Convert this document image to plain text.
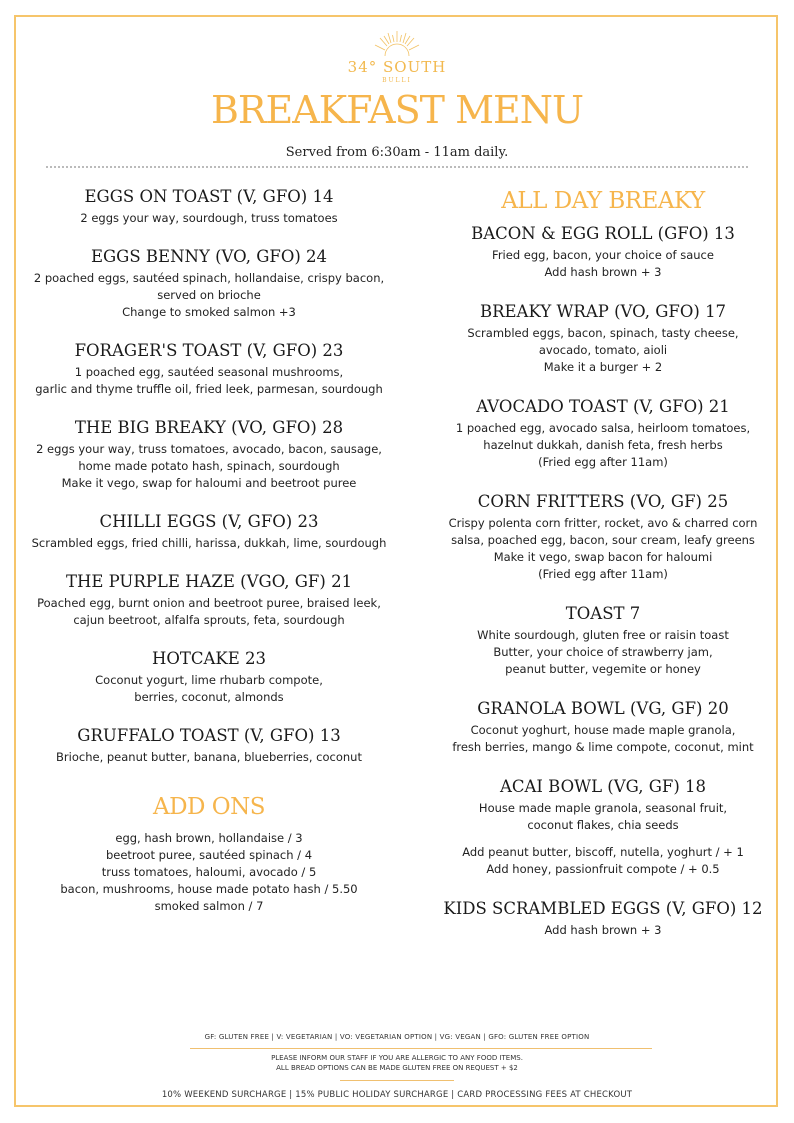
34° SOUTH
BULLI
BREAKFAST MENU
Served from 6:30am - 11am daily.
EGGS ON TOAST (V, GFO) 14
2 eggs your way, sourdough, truss tomatoes
EGGS BENNY (VO, GFO) 24
2 poached eggs, sautéed spinach, hollandaise, crispy bacon,
served on brioche
Change to smoked salmon +3
FORAGER'S TOAST (V, GFO) 23
1 poached egg, sautéed seasonal mushrooms,
garlic and thyme truffle oil, fried leek, parmesan, sourdough
THE BIG BREAKY (VO, GFO) 28
2 eggs your way, truss tomatoes, avocado, bacon, sausage,
home made potato hash, spinach, sourdough
Make it vego, swap for haloumi and beetroot puree
CHILLI EGGS (V, GFO) 23
Scrambled eggs, fried chilli, harissa, dukkah, lime, sourdough
THE PURPLE HAZE (VGO, GF) 21
Poached egg, burnt onion and beetroot puree, braised leek,
cajun beetroot, alfalfa sprouts, feta, sourdough
HOTCAKE 23
Coconut yogurt, lime rhubarb compote,
berries, coconut, almonds
GRUFFALO TOAST (V, GFO) 13
Brioche, peanut butter, banana, blueberries, coconut
ADD ONS
egg, hash brown, hollandaise / 3
beetroot puree, sautéed spinach / 4
truss tomatoes, haloumi, avocado / 5
bacon, mushrooms, house made potato hash / 5.50
smoked salmon / 7
ALL DAY BREAKY
BACON & EGG ROLL (GFO) 13
Fried egg, bacon, your choice of sauce
Add hash brown + 3
BREAKY WRAP (VO, GFO) 17
Scrambled eggs, bacon, spinach, tasty cheese,
avocado, tomato, aioli
Make it a burger + 2
AVOCADO TOAST (V, GFO) 21
1 poached egg, avocado salsa, heirloom tomatoes,
hazelnut dukkah, danish feta, fresh herbs
(Fried egg after 11am)
CORN FRITTERS (VO, GF) 25
Crispy polenta corn fritter, rocket, avo & charred corn
salsa, poached egg, bacon, sour cream, leafy greens
Make it vego, swap bacon for haloumi
(Fried egg after 11am)
TOAST 7
White sourdough, gluten free or raisin toast
Butter, your choice of strawberry jam,
peanut butter, vegemite or honey
GRANOLA BOWL (VG, GF) 20
Coconut yoghurt, house made maple granola,
fresh berries, mango & lime compote, coconut, mint
ACAI BOWL (VG, GF) 18
House made maple granola, seasonal fruit,
coconut flakes, chia seeds
Add peanut butter, biscoff, nutella, yoghurt / + 1
Add honey, passionfruit compote / + 0.5
KIDS SCRAMBLED EGGS (V, GFO) 12
Add hash brown + 3
GF: GLUTEN FREE | V: VEGETARIAN | VO: VEGETARIAN OPTION | VG: VEGAN | GFO: GLUTEN FREE OPTION
PLEASE INFORM OUR STAFF IF YOU ARE ALLERGIC TO ANY FOOD ITEMS.
ALL BREAD OPTIONS CAN BE MADE GLUTEN FREE ON REQUEST + $2
10% WEEKEND SURCHARGE | 15% PUBLIC HOLIDAY SURCHARGE | CARD PROCESSING FEES AT CHECKOUT
